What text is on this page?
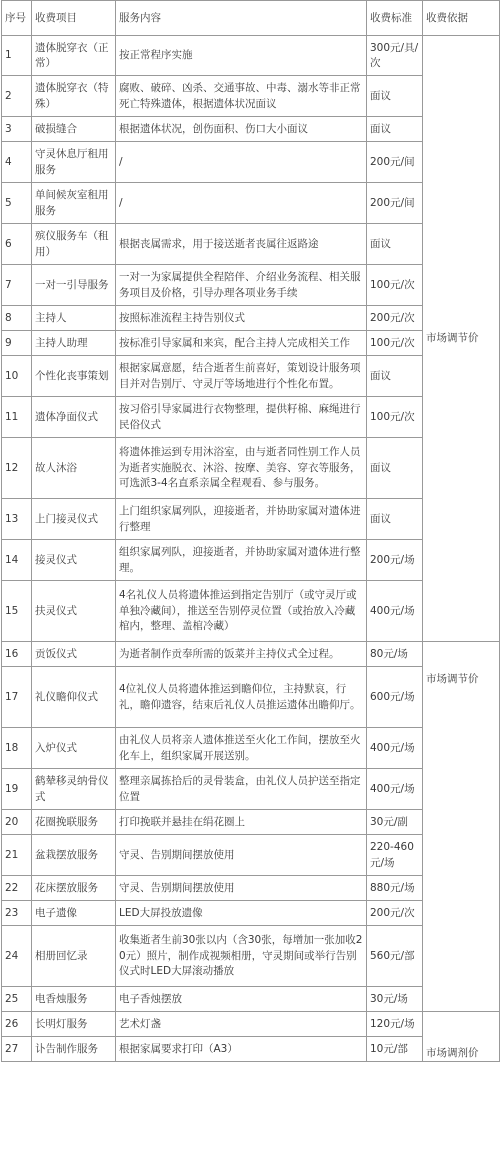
序号	收费项目	服务内容	收费标准	收费依据
1	遗体脱穿衣（正常）	按正常程序实施	300元/具/次	市场调节价
2	遗体脱穿衣（特殊）	腐败、破碎、凶杀、交通事故、中毒、溺水等非正常死亡特殊遗体，根据遗体状况面议	面议	
3	破损缝合	根据遗体状况，创伤面积、伤口大小面议	面议	
4	守灵休息厅租用服务	/	200元/间	
5	单间候灰室租用服务	/	200元/间	
6	殡仪服务车（租用）	根据丧属需求，用于接送逝者丧属往返路途	面议	
7	一对一引导服务	一对一为家属提供全程陪伴、介绍业务流程、相关服务项目及价格，引导办理各项业务手续	100元/次	
8	主持人	按照标准流程主持告别仪式	200元/次	
9	主持人助理	按标准引导家属和来宾，配合主持人完成相关工作	100元/次	
10	个性化丧事策划	根据家属意愿，结合逝者生前喜好，策划设计服务项目并对告别厅、守灵厅等场地进行个性化布置。	面议	
11	遗体净面仪式	按习俗引导家属进行衣物整理，提供籽棉、麻绳进行民俗仪式	100元/次	
12	故人沐浴	将遗体推运到专用沐浴室，由与逝者同性别工作人员为逝者实施脱衣、沐浴、按摩、美容、穿衣等服务，可选派3-4名直系亲属全程观看、参与服务。	面议	
13	上门接灵仪式	上门组织家属列队，迎接逝者，并协助家属对遗体进行整理	面议	
14	接灵仪式	组织家属列队，迎接逝者，并协助家属对遗体进行整理。	200元/场	
15	扶灵仪式	4名礼仪人员将遗体推运到指定告别厅（或守灵厅或单独冷藏间），推送至告别停灵位置（或抬放入冷藏棺内，整理、盖棺冷藏）	400元/场	
16	贡饭仪式	为逝者制作贡奉所需的饭菜并主持仪式全过程。	80元/场	市场调节价
17	礼仪瞻仰仪式	4位礼仪人员将遗体推运到瞻仰位，主持默哀，行礼，瞻仰遗容，结束后礼仪人员推运遗体出瞻仰厅。	600元/场	
18	入炉仪式	由礼仪人员将亲人遗体推送至火化工作间，摆放至火化车上，组织家属开展送别。	400元/场	
19	鹤辇移灵纳骨仪式	整理亲属拣拾后的灵骨装盒，由礼仪人员护送至指定位置	400元/场	
20	花圈挽联服务	打印挽联并悬挂在绢花圈上	30元/副	
21	盆栽摆放服务	守灵、告别期间摆放使用	220-460元/场	
22	花床摆放服务	守灵、告别期间摆放使用	880元/场	
23	电子遗像	LED大屏投放遗像	200元/次	
24	相册回忆录	收集逝者生前30张以内（含30张，每增加一张加收20元）照片，制作成视频相册，守灵期间或举行告别仪式时LED大屏滚动播放	560元/部	
25	电香烛服务	电子香烛摆放	30元/场	
26	长明灯服务	艺术灯盏	120元/场	市场调剂价
27	讣告制作服务	根据家属要求打印（A3）	10元/部	
